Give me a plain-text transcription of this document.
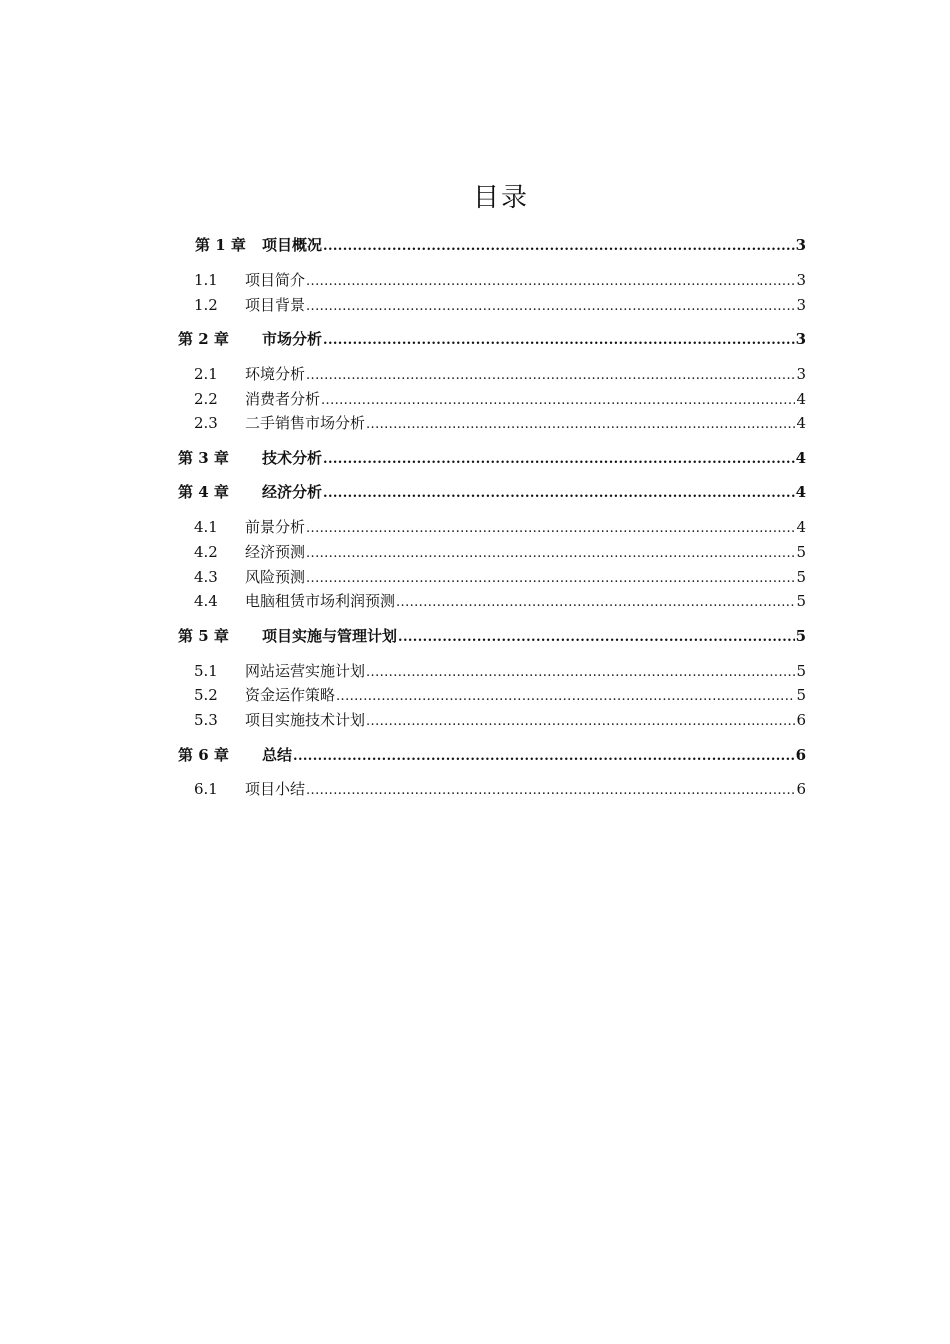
目录
第 1 章 项目概况 .....	3
1.1 项目简介 .....	3
1.2 项目背景 .....	3
第 2 章 市场分析 .....	3
2.1 环境分析 .....	3
2.2 消费者分析 .....	4
2.3 二手销售市场分析 .....	4
第 3 章 技术分析 .....	4
第 4 章 经济分析 .....	4
4.1 前景分析 .....	4
4.2 经济预测 .....	5
4.3 风险预测 .....	5
4.4 电脑租赁市场利润预测 .....	5
第 5 章 项目实施与管理计划 .....	5
5.1 网站运营实施计划 .....	5
5.2 资金运作策略 .....	5
5.3 项目实施技术计划 .....	6
第 6 章 总结 .....	6
6.1 项目小结 .....	6
